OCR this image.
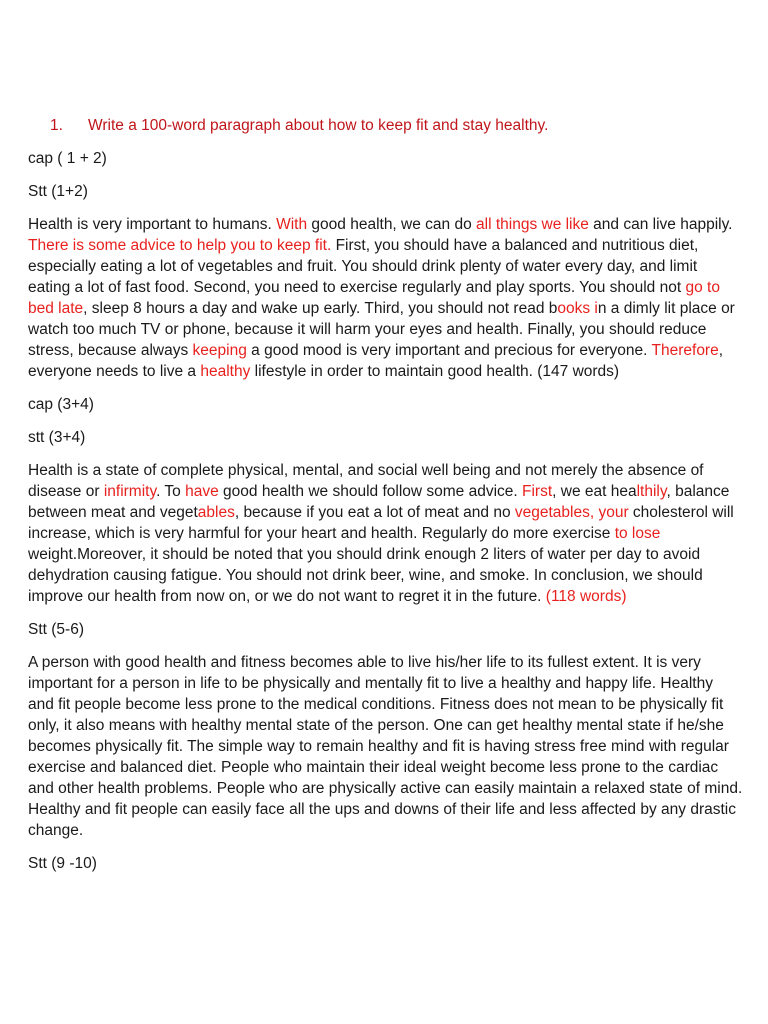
1.	Write a 100-word paragraph about how to keep fit and stay healthy.
cap ( 1 + 2)
Stt (1+2)
Health is very important to humans. With good health, we can do all things we like and can live happily. There is some advice to help you to keep fit. First, you should have a balanced and nutritious diet, especially eating a lot of vegetables and fruit. You should drink plenty of water every day, and limit eating a lot of fast food. Second, you need to exercise regularly and play sports. You should not go to bed late, sleep 8 hours a day and wake up early. Third, you should not read books in a dimly lit place or watch too much TV or phone, because it will harm your eyes and health. Finally, you should reduce stress, because always keeping a good mood is very important and precious for everyone. Therefore, everyone needs to live a healthy lifestyle in order to maintain good health. (147 words)
cap (3+4)
stt (3+4)
Health is a state of complete physical, mental, and social well being and not merely the absence of disease or infirmity. To have good health we should follow some advice. First, we eat healthily, balance between meat and vegetables, because if you eat a lot of meat and no vegetables, your cholesterol will increase, which is very harmful for your heart and health. Regularly do more exercise to lose weight.Moreover, it should be noted that you should drink enough 2 liters of water per day to avoid dehydration causing fatigue. You should not drink beer, wine, and smoke. In conclusion, we should improve our health from now on, or we do not want to regret it in the future. (118 words)
Stt (5-6)
A person with good health and fitness becomes able to live his/her life to its fullest extent. It is very important for a person in life to be physically and mentally fit to live a healthy and happy life. Healthy and fit people become less prone to the medical conditions. Fitness does not mean to be physically fit only, it also means with healthy mental state of the person. One can get healthy mental state if he/she becomes physically fit. The simple way to remain healthy and fit is having stress free mind with regular exercise and balanced diet. People who maintain their ideal weight become less prone to the cardiac and other health problems. People who are physically active can easily maintain a relaxed state of mind. Healthy and fit people can easily face all the ups and downs of their life and less affected by any drastic change.
Stt (9 -10)
